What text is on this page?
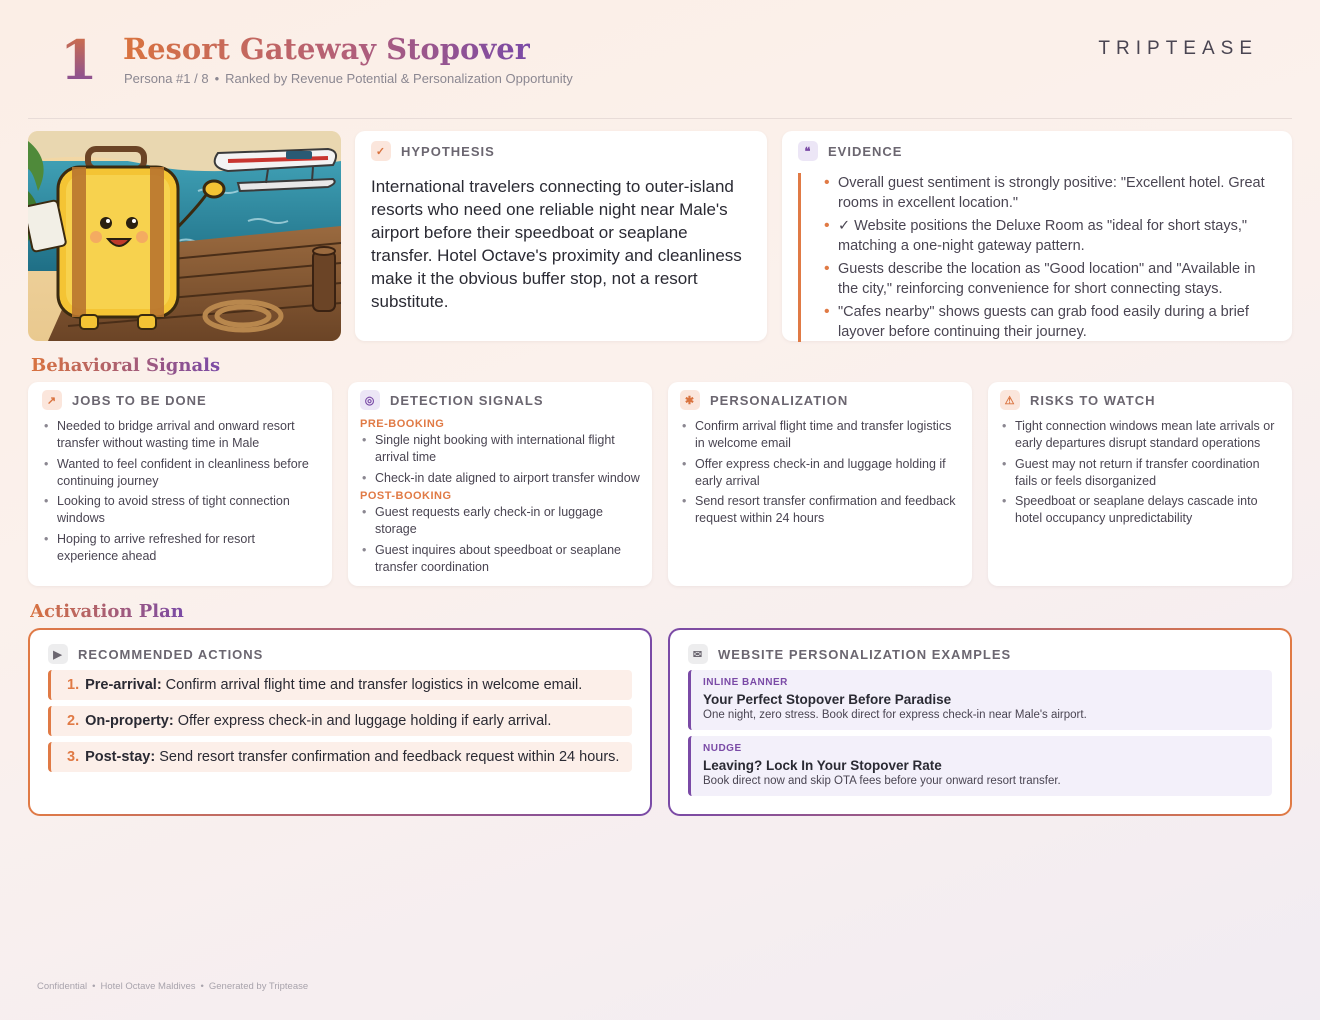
1 Resort Gateway Stopover
Persona #1 / 8 • Ranked by Revenue Potential & Personalization Opportunity
TRIPTEASE
✓	HYPOTHESIS

International travelers connecting to outer-island resorts who need one reliable night near Male's airport before their speedboat or seaplane transfer. Hotel Octave's proximity and cleanliness make it the obvious buffer stop, not a resort substitute.

❝	EVIDENCE
• Overall guest sentiment is strongly positive: "Excellent hotel. Great rooms in excellent location."
• ✓ Website positions the Deluxe Room as "ideal for short stays," matching a one-night gateway pattern.
• Guests describe the location as "Good location" and "Available in the city," reinforcing convenience for short connecting stays.
• "Cafes nearby" shows guests can grab food easily during a brief layover before continuing their journey.
Behavioral Signals
↗	JOBS TO BE DONE
• Needed to bridge arrival and onward resort transfer without wasting time in Male
• Wanted to feel confident in cleanliness before continuing journey
• Looking to avoid stress of tight connection windows
• Hoping to arrive refreshed for resort experience ahead
◎	DETECTION SIGNALS
PRE-BOOKING
• Single night booking with international flight arrival time
• Check-in date aligned to airport transfer window
POST-BOOKING
• Guest requests early check-in or luggage storage
• Guest inquires about speedboat or seaplane transfer coordination
✱	PERSONALIZATION
• Confirm arrival flight time and transfer logistics in welcome email
• Offer express check-in and luggage holding if early arrival
• Send resort transfer confirmation and feedback request within 24 hours
⚠	RISKS TO WATCH
• Tight connection windows mean late arrivals or early departures disrupt standard operations
• Guest may not return if transfer coordination fails or feels disorganized
• Speedboat or seaplane delays cascade into hotel occupancy unpredictability
Activation Plan
▶	RECOMMENDED ACTIONS
1. Pre-arrival: Confirm arrival flight time and transfer logistics in welcome email.
2. On-property: Offer express check-in and luggage holding if early arrival.
3. Post-stay: Send resort transfer confirmation and feedback request within 24 hours.
✉	WEBSITE PERSONALIZATION EXAMPLES
INLINE BANNER
Your Perfect Stopover Before Paradise
One night, zero stress. Book direct for express check-in near Male's airport.
NUDGE
Leaving? Lock In Your Stopover Rate
Book direct now and skip OTA fees before your onward resort transfer.
Confidential • Hotel Octave Maldives • Generated by Triptease
